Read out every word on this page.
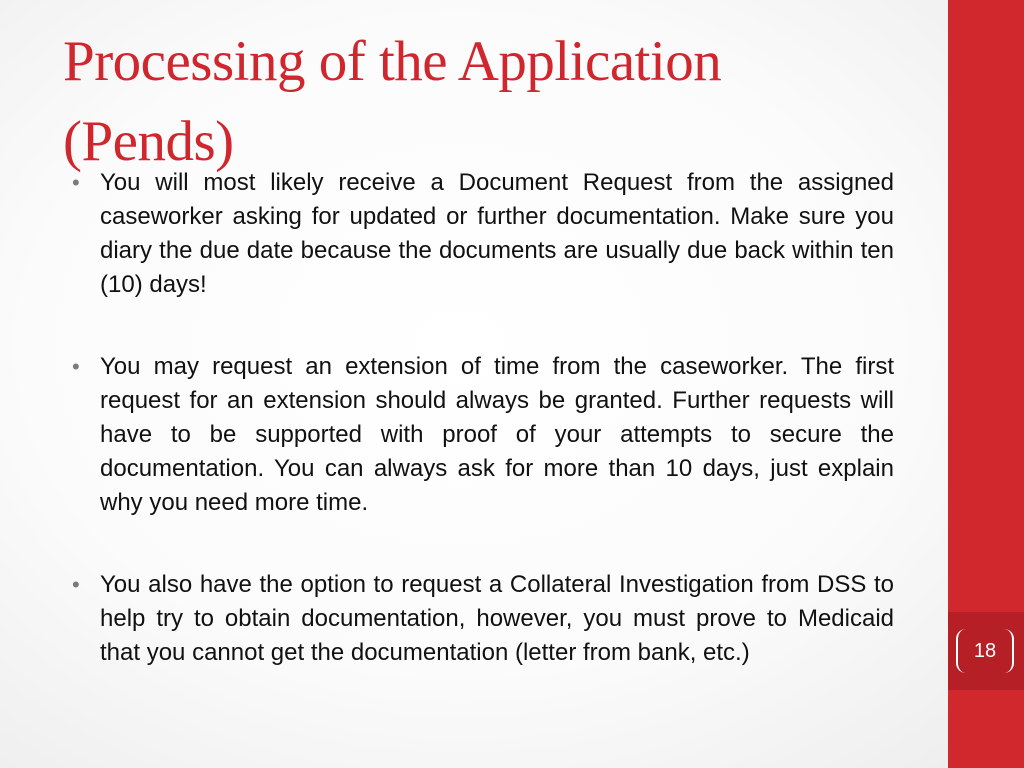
Processing of the Application
(Pends)
• You will most likely receive a Document Request from the assigned caseworker asking for updated or further documentation. Make sure you diary the due date because the documents are usually due back within ten (10) days!
• You may request an extension of time from the caseworker. The first request for an extension should always be granted. Further requests will have to be supported with proof of your attempts to secure the documentation. You can always ask for more than 10 days, just explain why you need more time.
• You also have the option to request a Collateral Investigation from DSS to help try to obtain documentation, however, you must prove to Medicaid that you cannot get the documentation (letter from bank, etc.)	18
